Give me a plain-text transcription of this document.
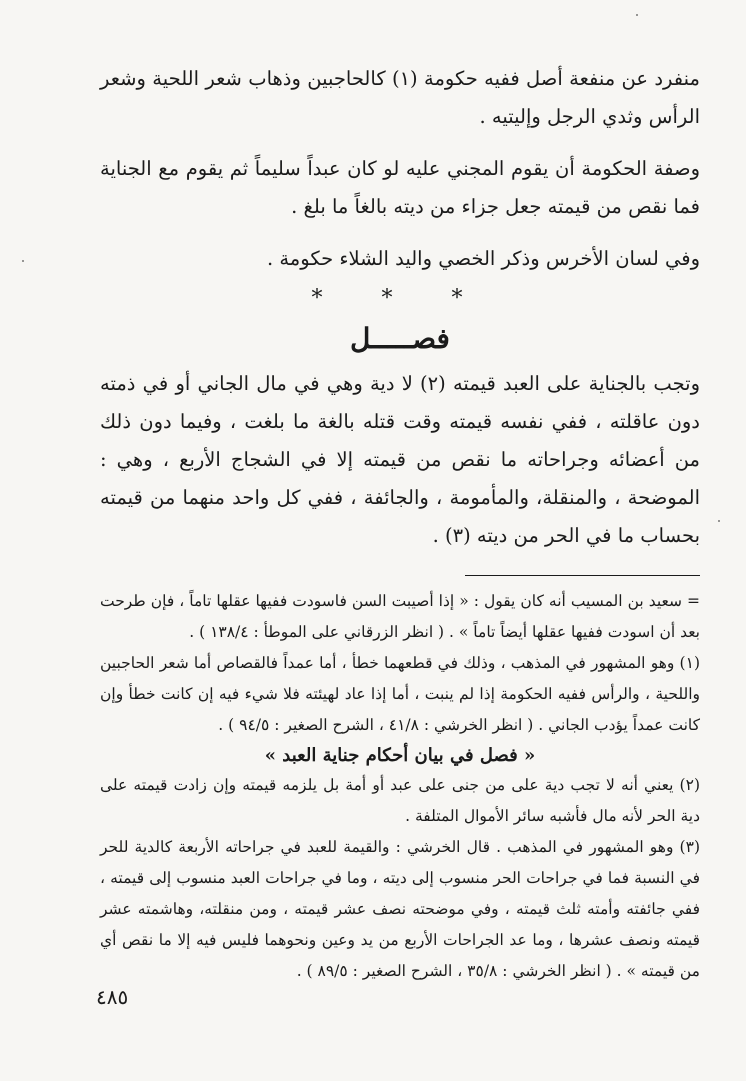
منفرد عن منفعة أصل ففيه حكومة (١) كالحاجبين وذهاب شعر اللحية وشعر الرأس وثدي الرجل وإليتيه .

وصفة الحكومة أن يقوم المجني عليه لو كان عبداً سليماً ثم يقوم مع الجناية فما نقص من قيمته جعل جزاء من ديته بالغاً ما بلغ .

وفي لسان الأخرس وذكر الخصي واليد الشلاء حكومة .

* * *
فصـــــل

وتجب بالجناية على العبد قيمته (٢) لا دية وهي في مال الجاني أو في ذمته دون عاقلته ، ففي نفسه قيمته وقت قتله بالغة ما بلغت ، وفيما دون ذلك من أعضائه وجراحاته ما نقص من قيمته إلا في الشجاج الأربع ، وهي : الموضحة ، والمنقلة، والمأمومة ، والجائفة ، ففي كل واحد منهما من قيمته بحساب ما في الحر من ديته (٣) .

= سعيد بن المسيب أنه كان يقول : « إذا أصيبت السن فاسودت ففيها عقلها تاماً ، فإن طرحت بعد أن اسودت ففيها عقلها أيضاً تاماً » . ( انظر الزرقاني على الموطأ : ١٣٨/٤ ) .

(١) وهو المشهور في المذهب ، وذلك في قطعهما خطأ ، أما عمداً فالقصاص أما شعر الحاجبين واللحية ، والرأس ففيه الحكومة إذا لم ينبت ، أما إذا عاد لهيئته فلا شيء فيه إن كانت خطأ وإن كانت عمداً يؤدب الجاني . ( انظر الخرشي : ٤١/٨ ، الشرح الصغير : ٩٤/٥ ) .

« فصل في بيان أحكام جناية العبد »

(٢) يعني أنه لا تجب دية على من جنى على عبد أو أمة بل يلزمه قيمته وإن زادت قيمته على دية الحر لأنه مال فأشبه سائر الأموال المتلفة .

(٣) وهو المشهور في المذهب . قال الخرشي : والقيمة للعبد في جراحاته الأربعة كالدية للحر في النسبة فما في جراحات الحر منسوب إلى ديته ، وما في جراحات العبد منسوب إلى قيمته ، ففي جائفته وأمته ثلث قيمته ، وفي موضحته نصف عشر قيمته ، ومن منقلته، وهاشمته عشر قيمته ونصف عشرها ، وما عد الجراحات الأربع من يد وعين ونحوهما فليس فيه إلا ما نقص أي من قيمته » . ( انظر الخرشي : ٣٥/٨ ، الشرح الصغير : ٨٩/٥ ) .

٤٨٥
